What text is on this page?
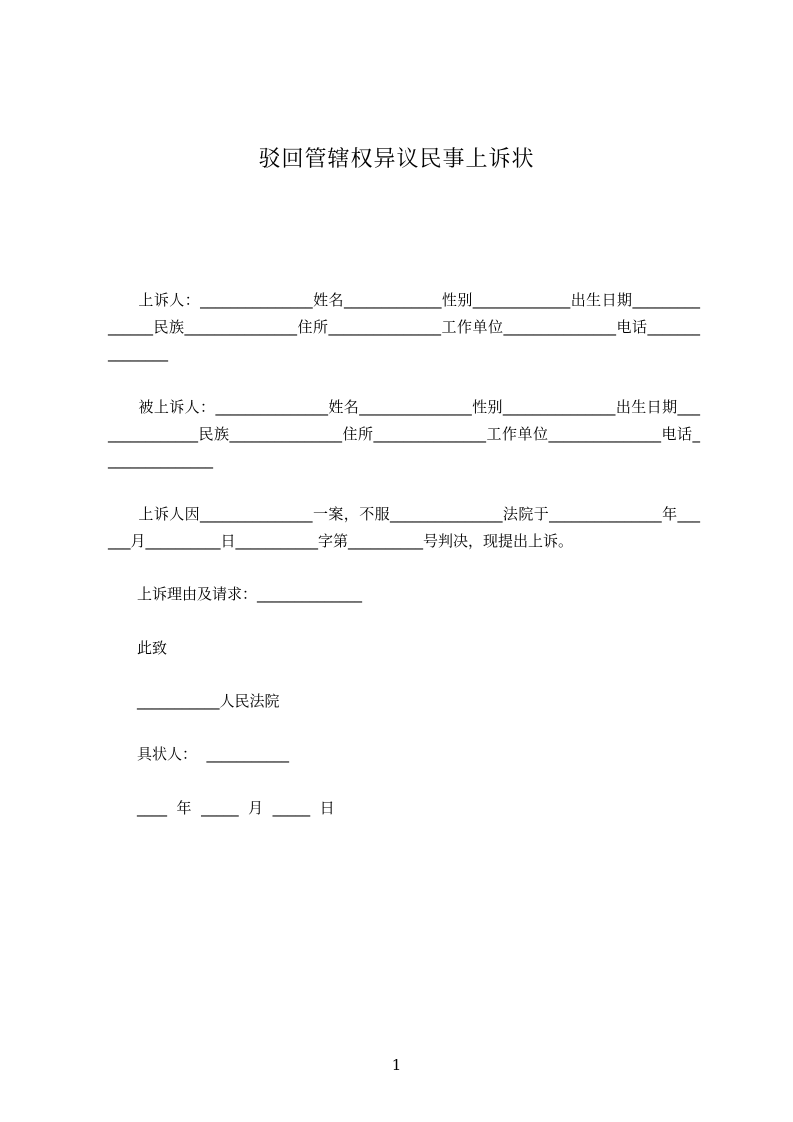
驳回管辖权异议民事上诉状

上诉人：_______________姓名_____________性别_____________出生日期_______________民族_______________住所_______________工作单位_______________电话_______________

被上诉人：_______________姓名_______________性别_______________出生日期_______________民族_______________住所_______________工作单位_______________电话_______________

上诉人因_______________一案，不服_______________法院于_______________年______月__________日___________字第__________号判决，现提出上诉。

上诉理由及请求：______________

此致

___________人民法院

具状人：  ___________

____  年  _____  月  _____  日

1
